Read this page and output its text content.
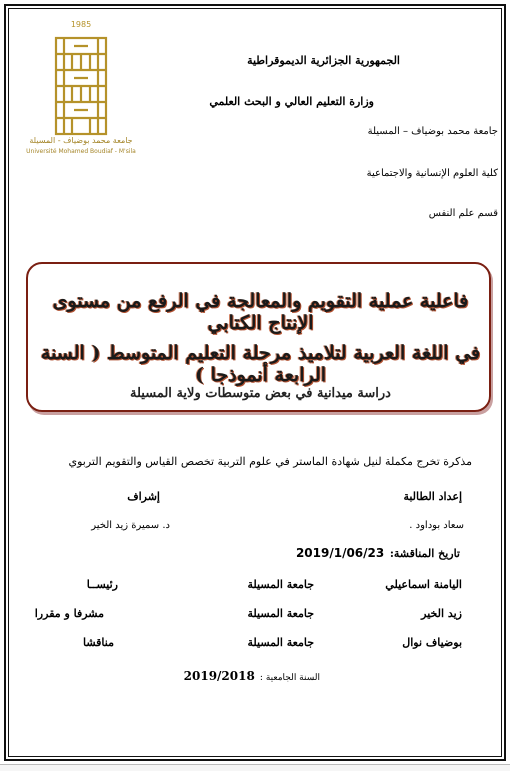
1985
جامعة محمد بوضياف - المسيلة
Université Mohamed Boudiaf - M'sila
الجمهورية الجزائرية الديموقراطية
وزارة التعليم العالي و البحث العلمي
جامعة محمد بوضياف – المسيلة
كلية العلوم الإنسانية والاجتماعية
قسم علم النفس
فاعلية عملية التقويم والمعالجة في الرفع من مستوى الإنتاج الكتابي
في اللغة العربية لتلاميذ مرحلة التعليم المتوسط ( السنة الرابعة أنموذجا )
دراسة ميدانية في بعض متوسطات ولاية المسيلة
مذكرة تخرج مكملة لنيل شهادة الماستر في علوم التربية تخصص القياس والتقويم التربوي
إعداد الطالبة
إشراف
سعاد بوداود .
د. سميرة زيد الخير
تاريخ المناقشة: 2019/1/06/23
اليامنة اسماعيلي
جامعة المسيلة
رئيســا
زيد الخير
جامعة المسيلة
مشرفا و مقررا
بوضياف نوال
جامعة المسيلة
مناقشا
السنة الجامعية : 2019/2018
